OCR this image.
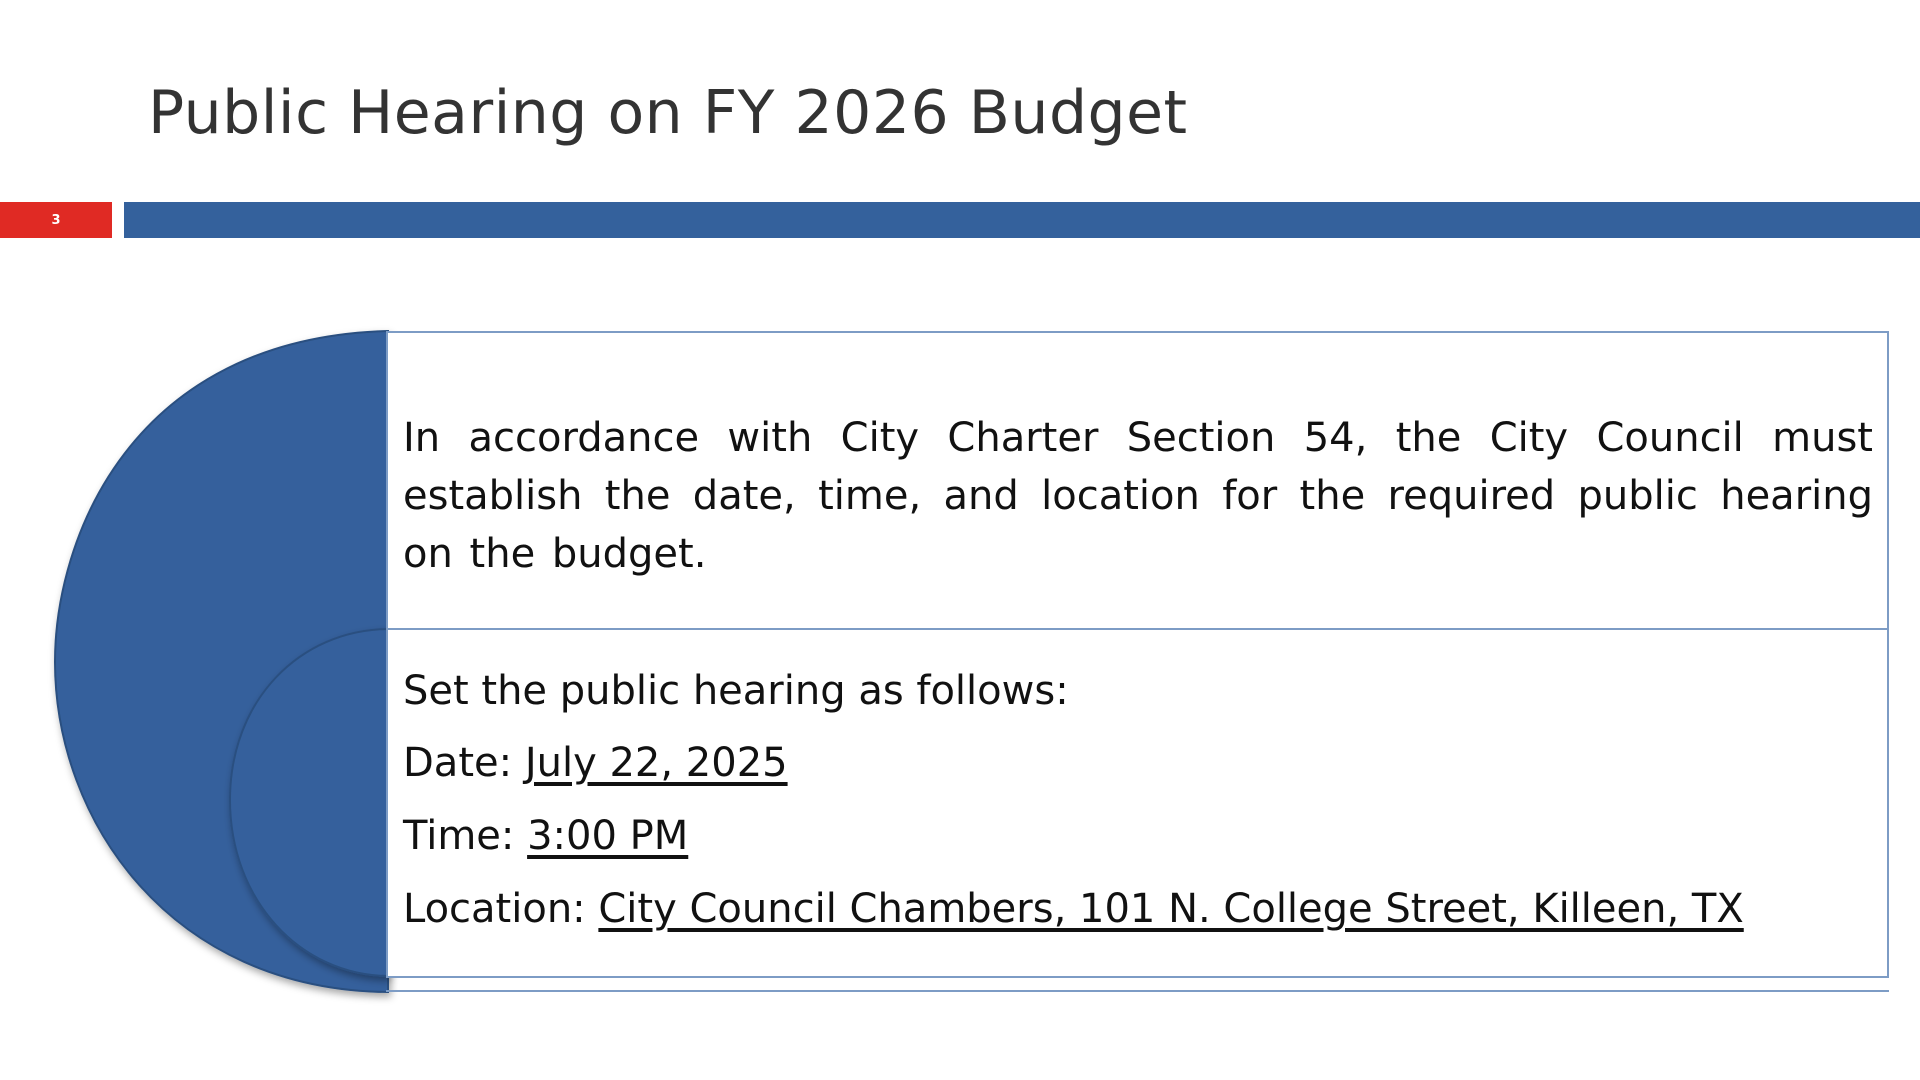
Public Hearing on FY 2026 Budget
3
In accordance with City Charter Section 54, the City Council must establish the date, time, and location for the required public hearing on the budget.
Set the public hearing as follows:
Date: July 22, 2025
Time: 3:00 PM
Location: City Council Chambers, 101 N. College Street, Killeen, TX
